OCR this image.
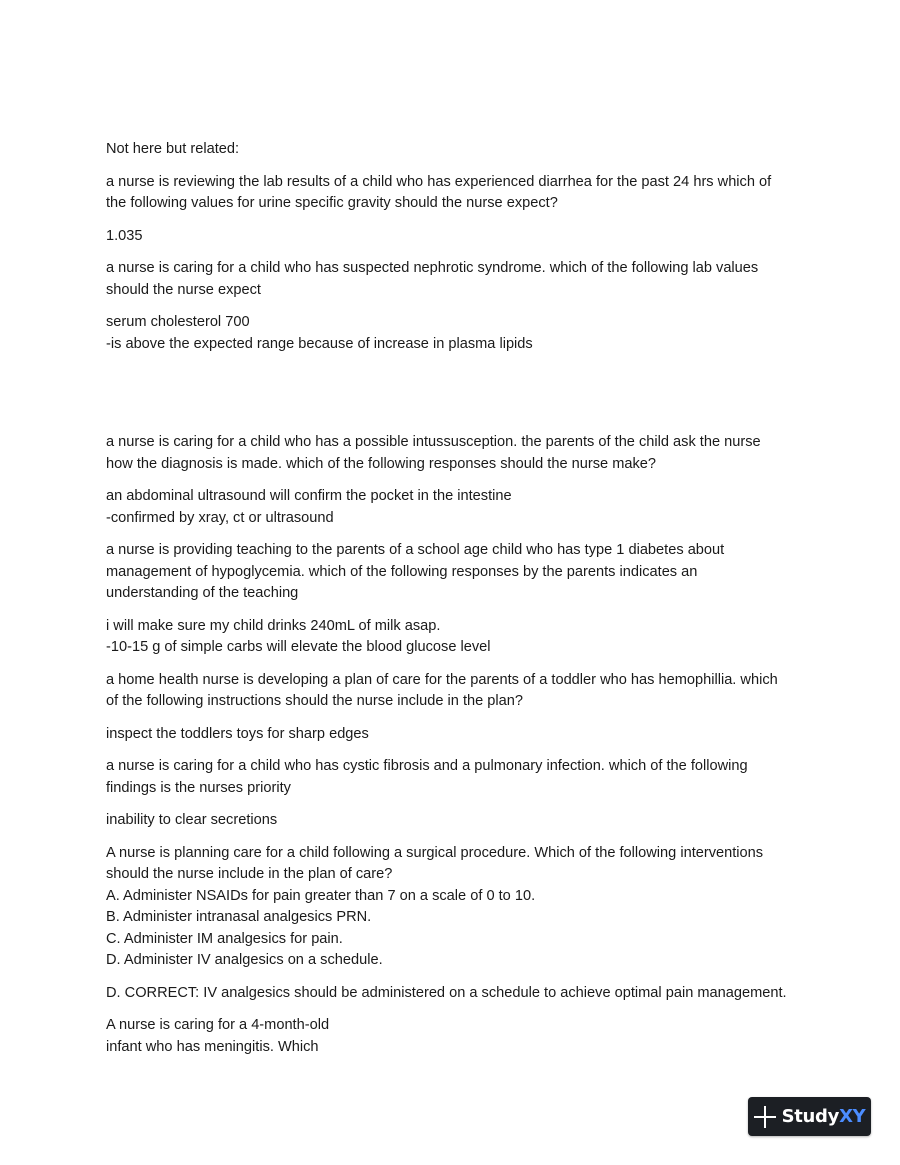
Not here but related:

a nurse is reviewing the lab results of a child who has experienced diarrhea for the past 24 hrs which of
the following values for urine specific gravity should the nurse expect?

1.035

a nurse is caring for a child who has suspected nephrotic syndrome. which of the following lab values
should the nurse expect

serum cholesterol 700
-is above the expected range because of increase in plasma lipids

a nurse is caring for a child who has a possible intussusception. the parents of the child ask the nurse
how the diagnosis is made. which of the following responses should the nurse make?

an abdominal ultrasound will confirm the pocket in the intestine
-confirmed by xray, ct or ultrasound

a nurse is providing teaching to the parents of a school age child who has type 1 diabetes about
management of hypoglycemia. which of the following responses by the parents indicates an
understanding of the teaching

i will make sure my child drinks 240mL of milk asap.
-10-15 g of simple carbs will elevate the blood glucose level

a home health nurse is developing a plan of care for the parents of a toddler who has hemophillia. which
of the following instructions should the nurse include in the plan?

inspect the toddlers toys for sharp edges

a nurse is caring for a child who has cystic fibrosis and a pulmonary infection. which of the following
findings is the nurses priority

inability to clear secretions

A nurse is planning care for a child following a surgical procedure. Which of the following interventions
should the nurse include in the plan of care?
A. Administer NSAIDs for pain greater than 7 on a scale of 0 to 10.
B. Administer intranasal analgesics PRN.
C. Administer IM analgesics for pain.
D. Administer IV analgesics on a schedule.

D. CORRECT: IV analgesics should be administered on a schedule to achieve optimal pain management.

A nurse is caring for a 4-month-old
infant who has meningitis. Which

StudyXY
